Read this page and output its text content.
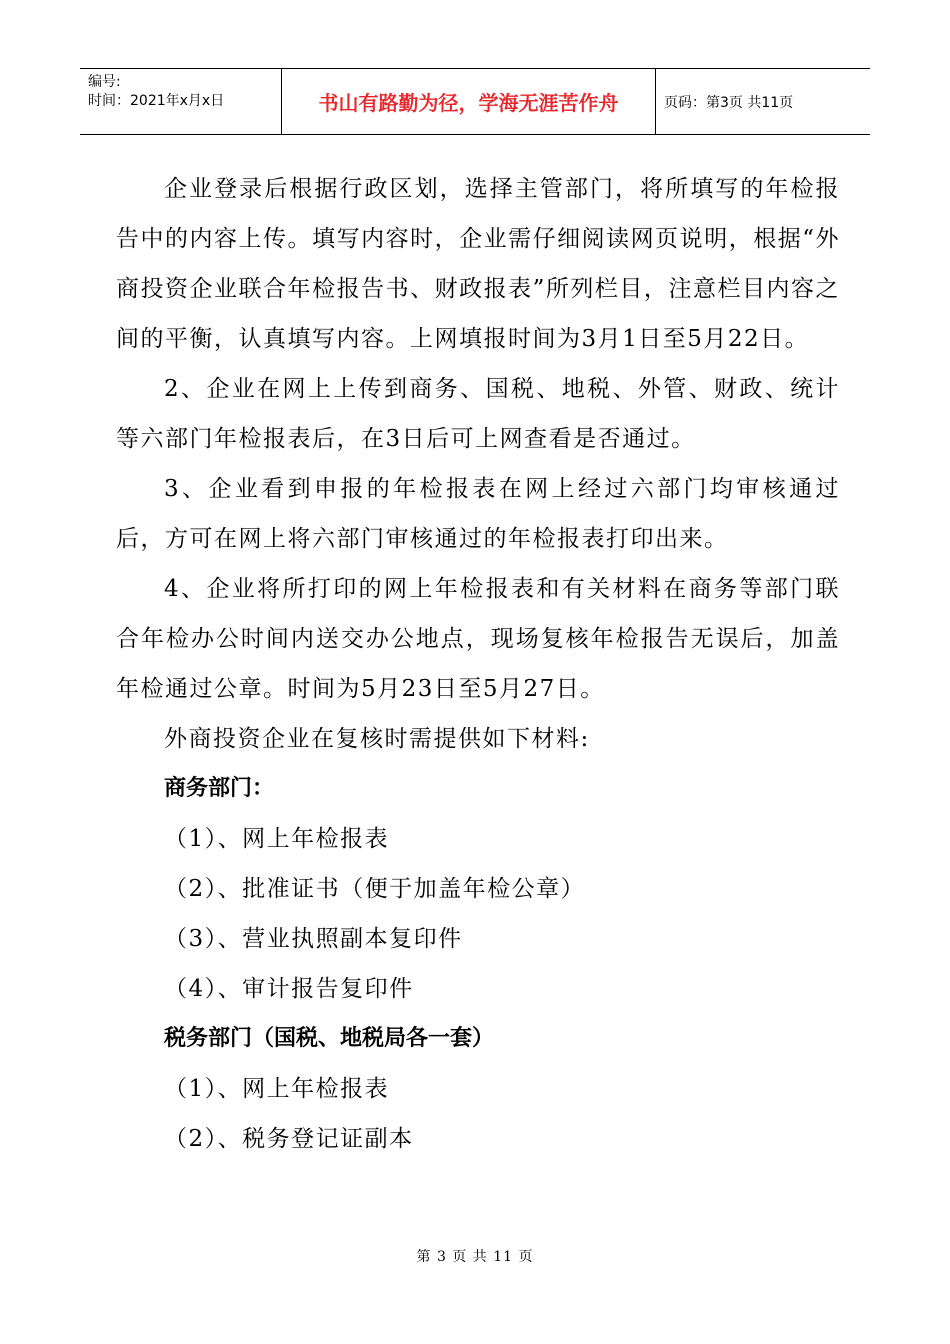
编号:
时间：2021年x月x日	书山有路勤为径，学海无涯苦作舟	页码：第3页 共11页

企业登录后根据行政区划，选择主管部门，将所填写的年检报告中的内容上传。填写内容时，企业需仔细阅读网页说明，根据“外商投资企业联合年检报告书、财政报表”所列栏目，注意栏目内容之间的平衡，认真填写内容。上网填报时间为3月1日至5月22日。

2、企业在网上上传到商务、国税、地税、外管、财政、统计等六部门年检报表后，在3日后可上网查看是否通过。

3、企业看到申报的年检报表在网上经过六部门均审核通过后，方可在网上将六部门审核通过的年检报表打印出来。

4、企业将所打印的网上年检报表和有关材料在商务等部门联合年检办公时间内送交办公地点，现场复核年检报告无误后，加盖年检通过公章。时间为5月23日至5月27日。

外商投资企业在复核时需提供如下材料:

商务部门：

（1）、网上年检报表

（2）、批准证书（便于加盖年检公章）

（3）、营业执照副本复印件

（4）、审计报告复印件

税务部门（国税、地税局各一套）

（1）、网上年检报表

（2）、税务登记证副本

第 3 页 共 11 页
